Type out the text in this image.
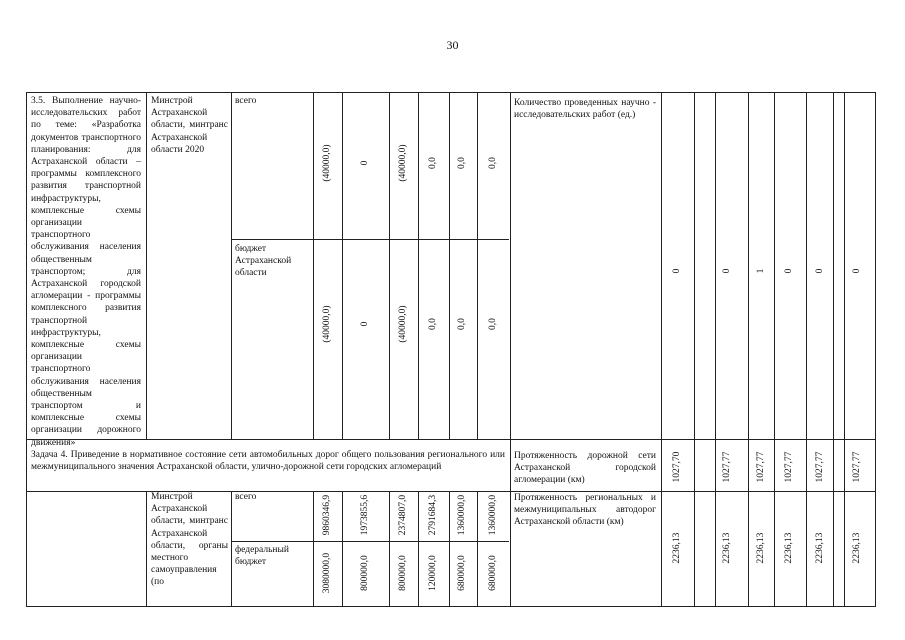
30
3.5. Выполнение научно-исследовательских работ по теме: «Разработка документов транспортного планирования: для Астраханской области – программы комплексного развития транспортной инфраструктуры, комплексные схемы организации транспортного обслуживания населения общественным транспортом; для Астраханской городской агломерации - программы комплексного развития транспортной инфраструктуры, комплексные схемы организации транспортного обслуживания населения общественным транспортом и комплексные схемы организации дорожного движения»
Минстрой Астраханской области, минтранс Астраханской области 2020
всего
бюджет Астраханской области
Количество проведенных научно - исследовательских работ (ед.)
Задача 4. Приведение в нормативное состояние сети автомобильных дорог общего пользования регионального или межмуниципального значения Астраханской области, улично-дорожной сети городских агломераций
Протяженность дорожной сети Астраханской городской агломерации (км)
Минстрой Астраханской области, минтранс Астраханской области, органы местного самоуправления (по
всего
федеральный бюджет
Протяженность региональных и межмуниципальных автодорог Астраханской области (км)
(40000,0)
(40000,0)
9860346,9
3080000,0
0
0
1973855,6
800000,0
(40000,0)
(40000,0)
2374807,0
800000,0
0,0
0,0
2791684,3
120000,0
0,0
0,0
1360000,0
680000,0
0,0
0,0
1360000,0
680000,0
0
1027,70
2236,13
0
1027,77
2236,13
1
1027,77
2236,13
0
1027,77
2236,13
0
1027,77
2236,13
0
1027,77
2236,13
